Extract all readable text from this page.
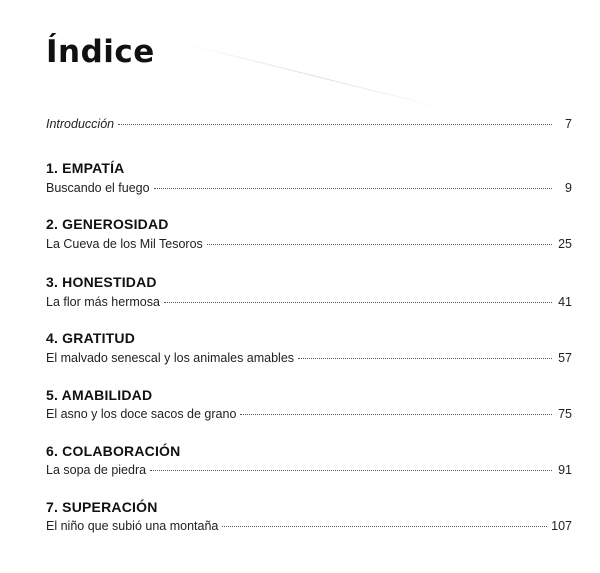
Índice
Introducción	7
1. EMPATÍA
Buscando el fuego	9
2. GENEROSIDAD
La Cueva de los Mil Tesoros	25
3. HONESTIDAD
La flor más hermosa	41
4. GRATITUD
El malvado senescal y los animales amables	57
5. AMABILIDAD
El asno y los doce sacos de grano	75
6. COLABORACIÓN
La sopa de piedra	91
7. SUPERACIÓN
El niño que subió una montaña	107
